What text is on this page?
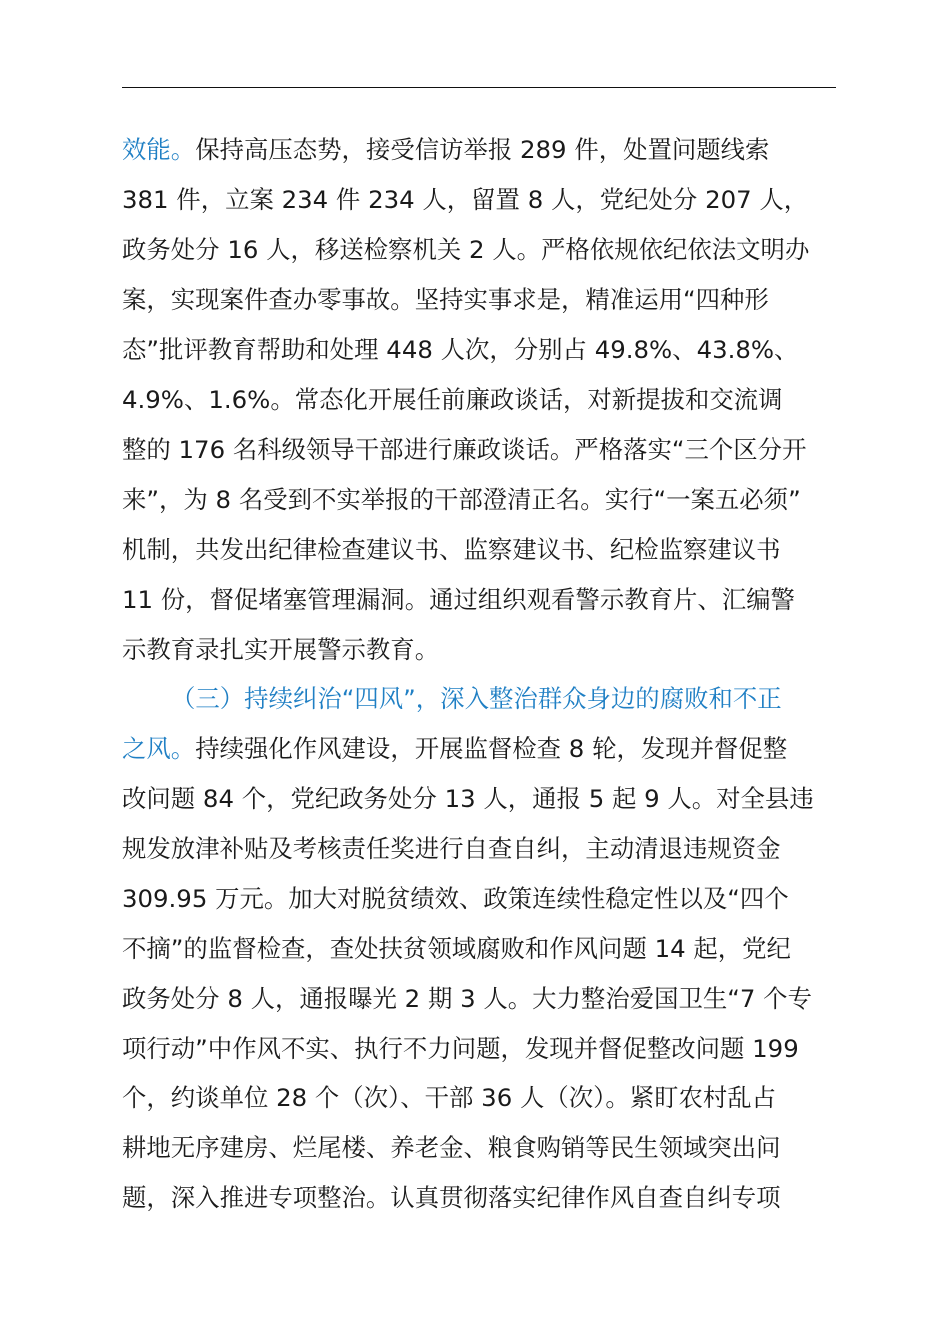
效能。保持高压态势，接受信访举报 289 件，处置问题线索
381 件，立案 234 件 234 人，留置 8 人，党纪处分 207 人，
政务处分 16 人，移送检察机关 2 人。严格依规依纪依法文明办
案，实现案件查办零事故。坚持实事求是，精准运用“四种形
态”批评教育帮助和处理 448 人次，分别占 49.8%、43.8%、
4.9%、1.6%。常态化开展任前廉政谈话，对新提拔和交流调
整的 176 名科级领导干部进行廉政谈话。严格落实“三个区分开
来”，为 8 名受到不实举报的干部澄清正名。实行“一案五必须”
机制，共发出纪律检查建议书、监察建议书、纪检监察建议书
11 份，督促堵塞管理漏洞。通过组织观看警示教育片、汇编警
示教育录扎实开展警示教育。
（三）持续纠治“四风”，深入整治群众身边的腐败和不正
之风。持续强化作风建设，开展监督检查 8 轮，发现并督促整
改问题 84 个，党纪政务处分 13 人，通报 5 起 9 人。对全县违
规发放津补贴及考核责任奖进行自查自纠，主动清退违规资金
309.95 万元。加大对脱贫绩效、政策连续性稳定性以及“四个
不摘”的监督检查，查处扶贫领域腐败和作风问题 14 起，党纪
政务处分 8 人，通报曝光 2 期 3 人。大力整治爱国卫生“7 个专
项行动”中作风不实、执行不力问题，发现并督促整改问题 199
个，约谈单位 28 个（次）、干部 36 人（次）。紧盯农村乱占
耕地无序建房、烂尾楼、养老金、粮食购销等民生领域突出问
题，深入推进专项整治。认真贯彻落实纪律作风自查自纠专项
